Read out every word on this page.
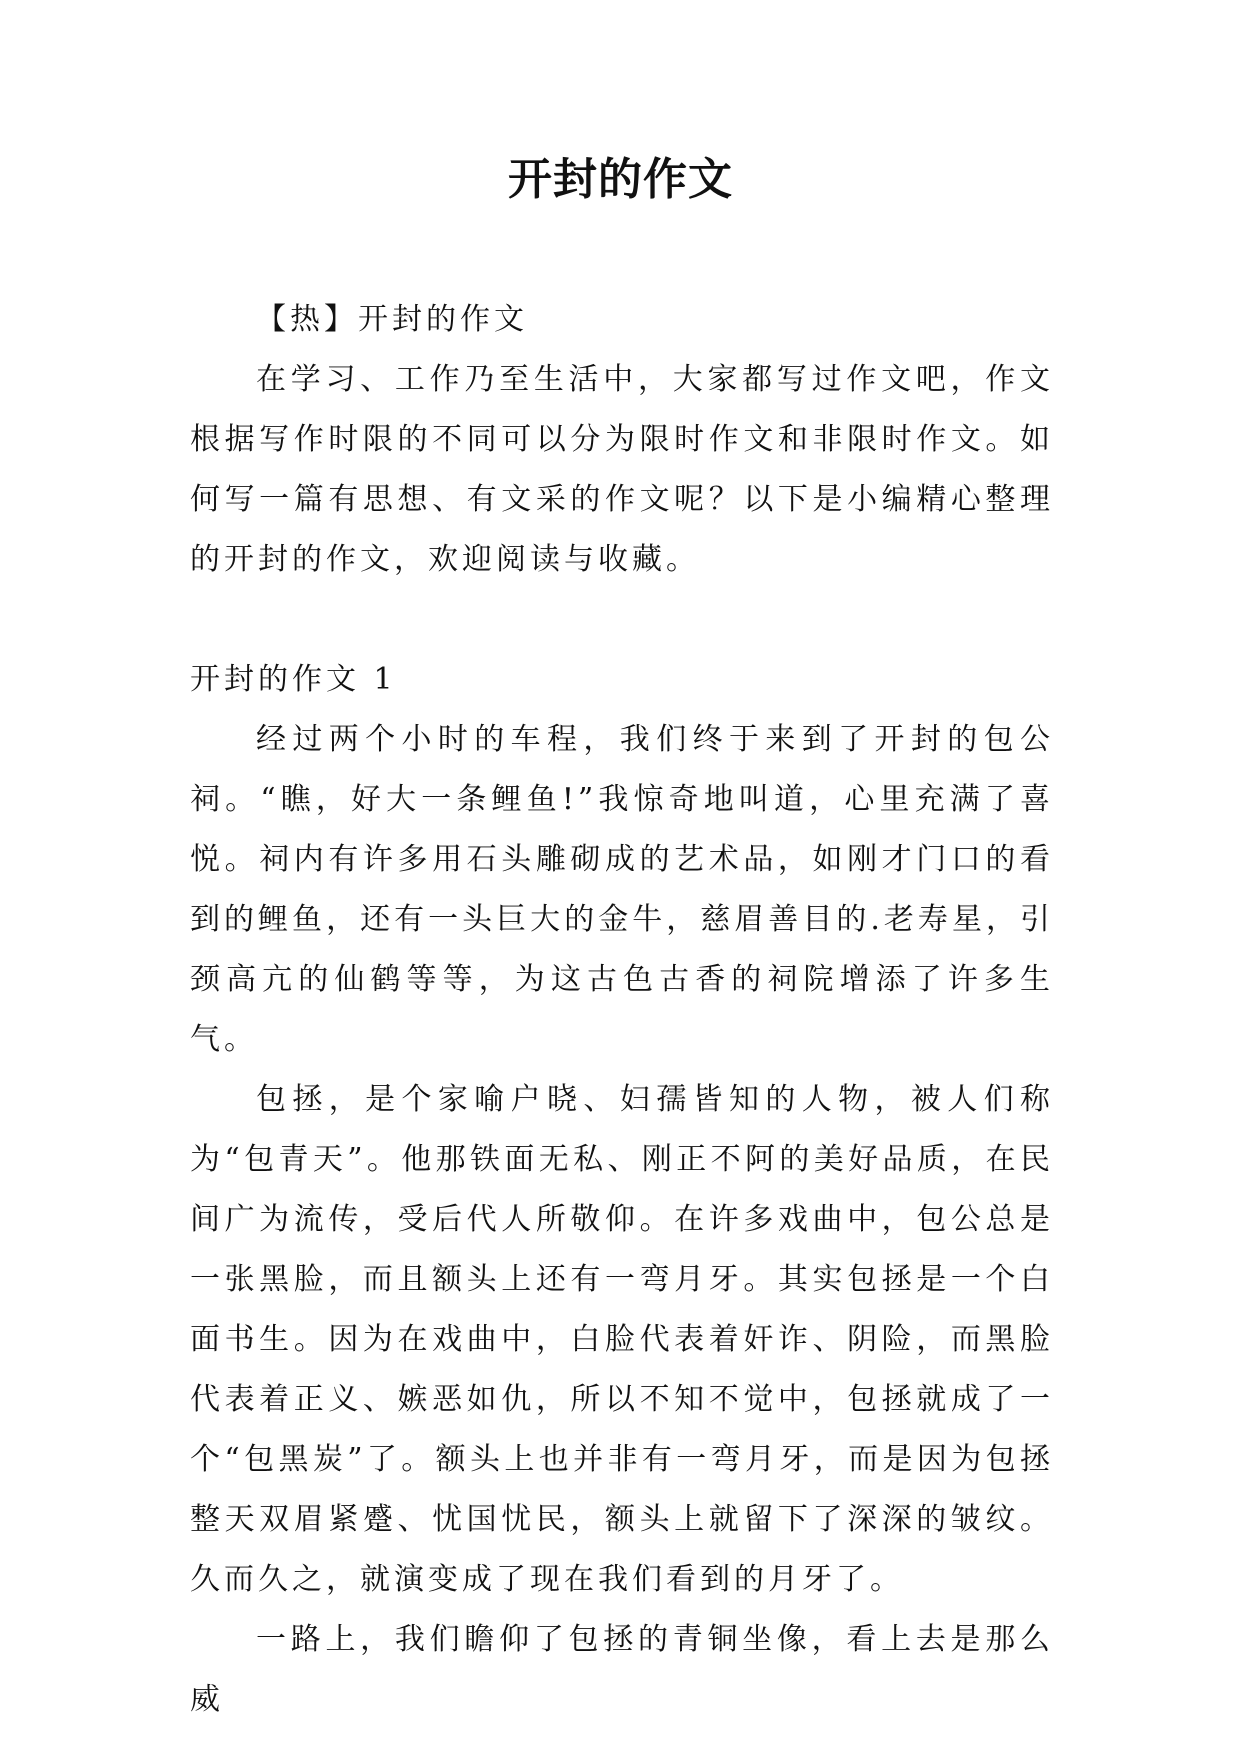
开封的作文

【热】开封的作文

在学习、工作乃至生活中，大家都写过作文吧，作文根据写作时限的不同可以分为限时作文和非限时作文。如何写一篇有思想、有文采的作文呢？以下是小编精心整理的开封的作文，欢迎阅读与收藏。

开封的作文 1

经过两个小时的车程，我们终于来到了开封的包公祠。“瞧，好大一条鲤鱼!”我惊奇地叫道，心里充满了喜悦。祠内有许多用石头雕砌成的艺术品，如刚才门口的看到的鲤鱼，还有一头巨大的金牛，慈眉善目的.老寿星，引颈高亢的仙鹤等等，为这古色古香的祠院增添了许多生气。

包拯，是个家喻户晓、妇孺皆知的人物，被人们称为“包青天”。他那铁面无私、刚正不阿的美好品质，在民间广为流传，受后代人所敬仰。在许多戏曲中，包公总是一张黑脸，而且额头上还有一弯月牙。其实包拯是一个白面书生。因为在戏曲中，白脸代表着奸诈、阴险，而黑脸代表着正义、嫉恶如仇，所以不知不觉中，包拯就成了一个“包黑炭”了。额头上也并非有一弯月牙，而是因为包拯整天双眉紧蹙、忧国忧民，额头上就留下了深深的皱纹。久而久之，就演变成了现在我们看到的月牙了。

一路上，我们瞻仰了包拯的青铜坐像，看上去是那么威
